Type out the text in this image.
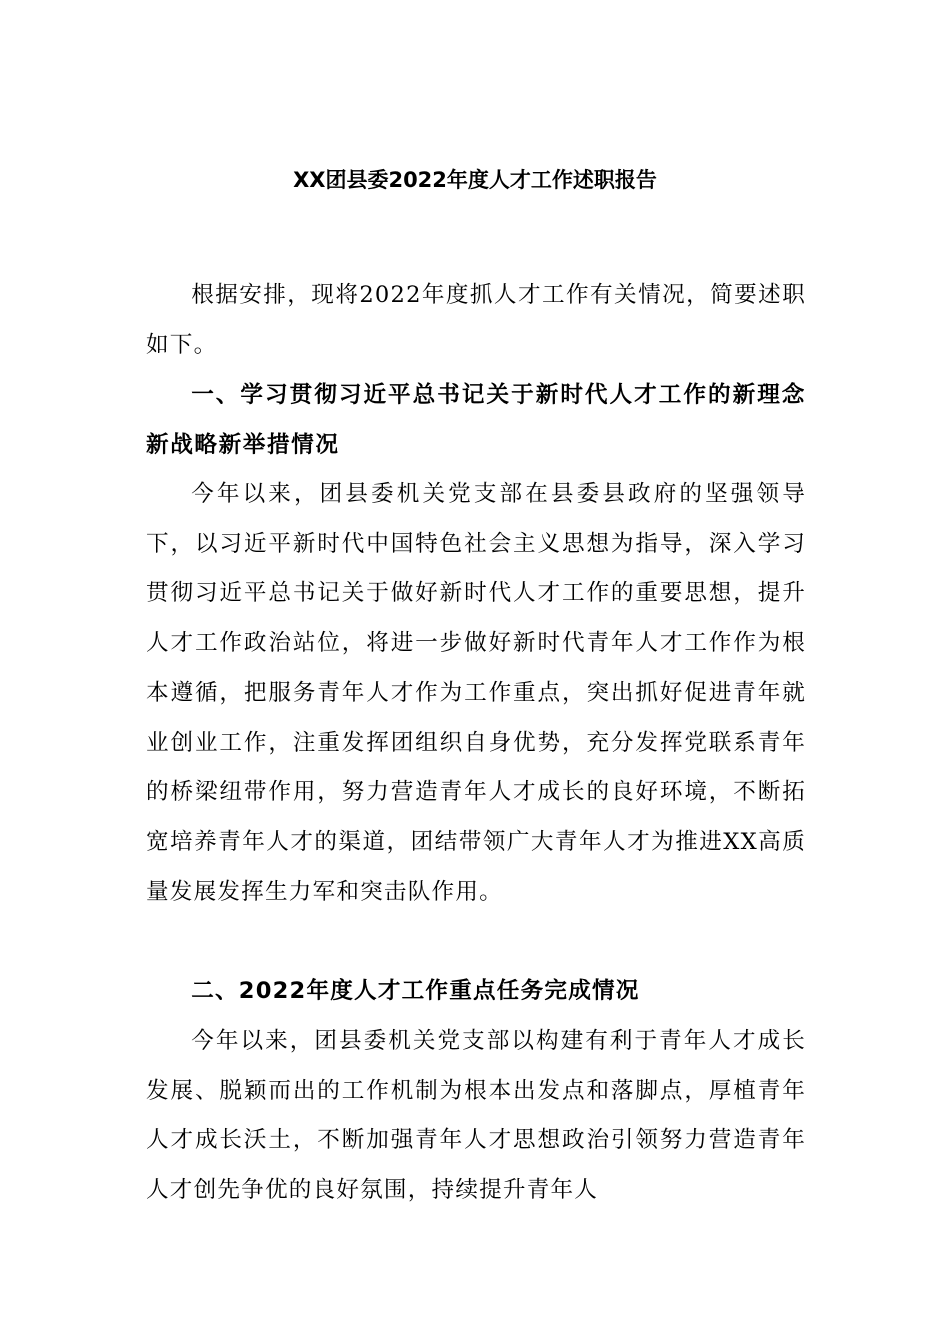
XX团县委2022年度人才工作述职报告

根据安排，现将2022年度抓人才工作有关情况，简要述职如下。

一、学习贯彻习近平总书记关于新时代人才工作的新理念新战略新举措情况

今年以来，团县委机关党支部在县委县政府的坚强领导下，以习近平新时代中国特色社会主义思想为指导，深入学习贯彻习近平总书记关于做好新时代人才工作的重要思想，提升人才工作政治站位，将进一步做好新时代青年人才工作作为根本遵循，把服务青年人才作为工作重点，突出抓好促进青年就业创业工作，注重发挥团组织自身优势，充分发挥党联系青年的桥梁纽带作用，努力营造青年人才成长的良好环境，不断拓宽培养青年人才的渠道，团结带领广大青年人才为推进XX高质量发展发挥生力军和突击队作用。

二、2022年度人才工作重点任务完成情况

今年以来，团县委机关党支部以构建有利于青年人才成长发展、脱颖而出的工作机制为根本出发点和落脚点，厚植青年人才成长沃土，不断加强青年人才思想政治引领努力营造青年人才创先争优的良好氛围，持续提升青年人
